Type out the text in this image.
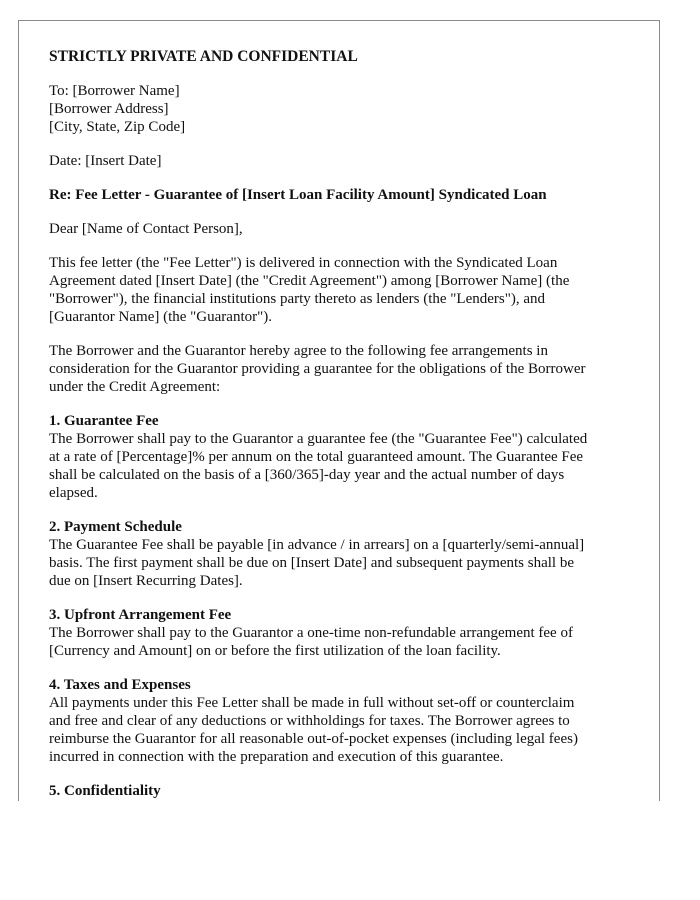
STRICTLY PRIVATE AND CONFIDENTIAL

To: [Borrower Name]
[Borrower Address]
[City, State, Zip Code]

Date: [Insert Date]

Re: Fee Letter - Guarantee of [Insert Loan Facility Amount] Syndicated Loan

Dear [Name of Contact Person],

This fee letter (the "Fee Letter") is delivered in connection with the Syndicated Loan
Agreement dated [Insert Date] (the "Credit Agreement") among [Borrower Name] (the
"Borrower"), the financial institutions party thereto as lenders (the "Lenders"), and
[Guarantor Name] (the "Guarantor").
The Borrower and the Guarantor hereby agree to the following fee arrangements in
consideration for the Guarantor providing a guarantee for the obligations of the Borrower
under the Credit Agreement:
1. Guarantee Fee
The Borrower shall pay to the Guarantor a guarantee fee (the "Guarantee Fee") calculated
at a rate of [Percentage]% per annum on the total guaranteed amount. The Guarantee Fee
shall be calculated on the basis of a [360/365]-day year and the actual number of days
elapsed.
2. Payment Schedule
The Guarantee Fee shall be payable [in advance / in arrears] on a [quarterly/semi-annual]
basis. The first payment shall be due on [Insert Date] and subsequent payments shall be
due on [Insert Recurring Dates].
3. Upfront Arrangement Fee
The Borrower shall pay to the Guarantor a one-time non-refundable arrangement fee of
[Currency and Amount] on or before the first utilization of the loan facility.
4. Taxes and Expenses
All payments under this Fee Letter shall be made in full without set-off or counterclaim
and free and clear of any deductions or withholdings for taxes. The Borrower agrees to
reimburse the Guarantor for all reasonable out-of-pocket expenses (including legal fees)
incurred in connection with the preparation and execution of this guarantee.
5. Confidentiality
